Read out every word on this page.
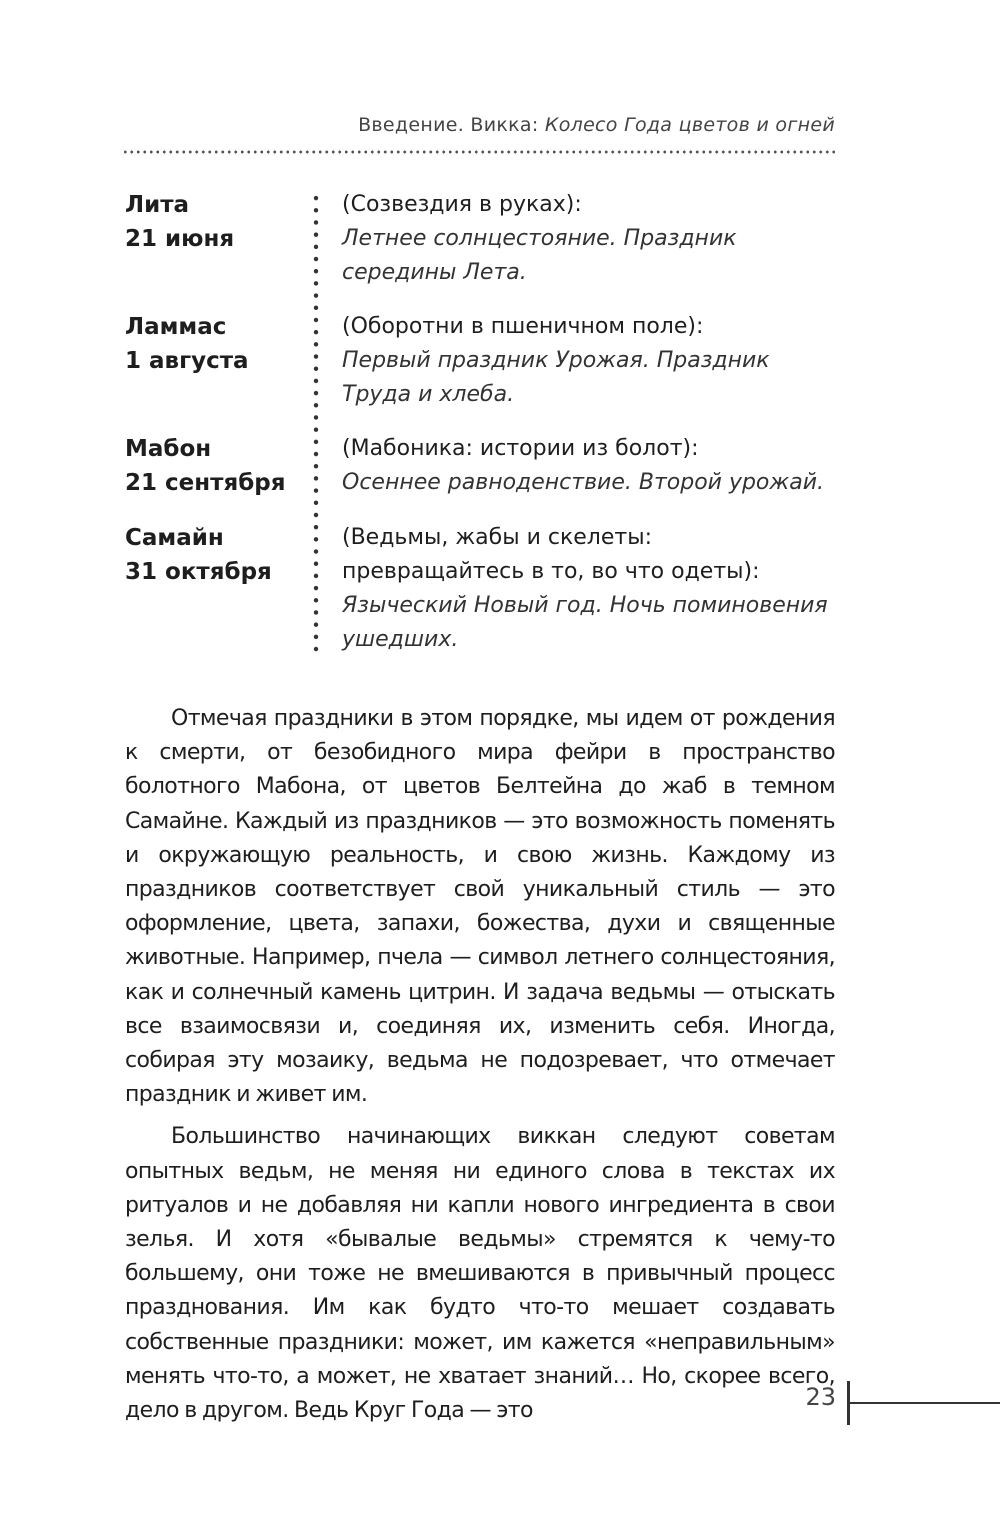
Введение. Викка: Колесо Года цветов и огней
Лита
21 июня
(Созвездия в руках):
Летнее солнцестояние. Праздник середины Лета.
Ламмас
1 августа
(Оборотни в пшеничном поле):
Первый праздник Урожая. Праздник Труда и хлеба.
Мабон
21 сентября
(Мабоника: истории из болот):
Осеннее равноденствие. Второй урожай.
Самайн
31 октября
(Ведьмы, жабы и скелеты: превращайтесь в то, во что одеты):
Языческий Новый год. Ночь поминовения ушедших.

Отмечая праздники в этом порядке, мы идем от рождения к смерти, от безобидного мира фейри в пространство болотного Мабона, от цветов Белтейна до жаб в темном Самайне. Каждый из праздников — это возможность поменять и окружающую реальность, и свою жизнь. Каждому из праздников соответствует свой уникальный стиль — это оформление, цвета, запахи, божества, духи и священные животные. Например, пчела — символ летнего солнцестояния, как и солнечный камень цитрин. И задача ведьмы — отыскать все взаимосвязи и, соединяя их, изменить себя. Иногда, собирая эту мозаику, ведьма не подозревает, что отмечает праздник и живет им.

Большинство начинающих виккан следуют советам опытных ведьм, не меняя ни единого слова в текстах их ритуалов и не добавляя ни капли нового ингредиента в свои зелья. И хотя «бывалые ведьмы» стремятся к чему-то большему, они тоже не вмешиваются в привычный процесс празднования. Им как будто что-то мешает создавать собственные праздники: может, им кажется «неправильным» менять что-то, а может, не хватает знаний… Но, скорее всего, дело в другом. Ведь Круг Года — это	23
